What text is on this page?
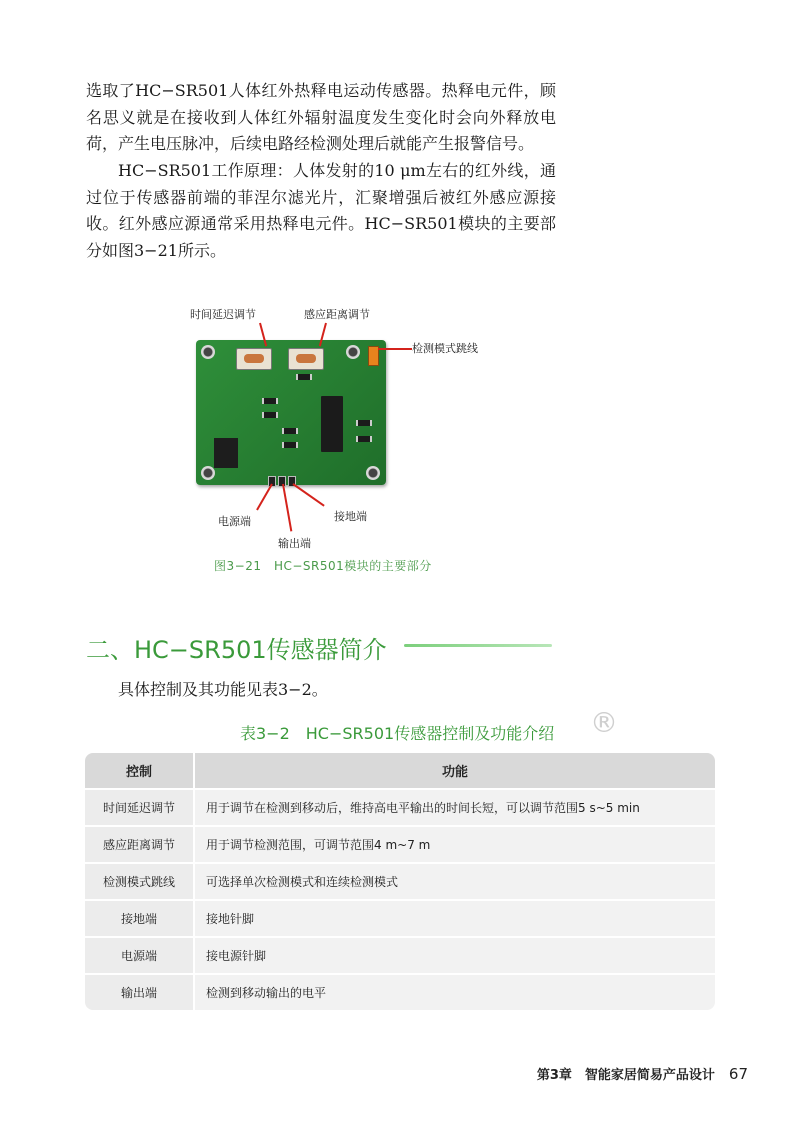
选取了HC−SR501人体红外热释电运动传感器。热释电元件，顾名思义就是在接收到人体红外辐射温度发生变化时会向外释放电荷，产生电压脉冲，后续电路经检测处理后就能产生报警信号。

HC−SR501工作原理：人体发射的10 μm左右的红外线，通过位于传感器前端的菲涅尔滤光片，汇聚增强后被红外感应源接收。红外感应源通常采用热释电元件。HC−SR501模块的主要部分如图3−21所示。

时间延迟调节	感应距离调节
检测模式跳线
电源端
输出端
接地端
图3−21　HC−SR501模块的主要部分
二、HC−SR501传感器简介

具体控制及其功能见表3−2。

表3−2　HC−SR501传感器控制及功能介绍 ®
控制	功能
时间延迟调节	用于调节在检测到移动后，维持高电平输出的时间长短，可以调节范围5 s~5 min
感应距离调节	用于调节检测范围，可调节范围4 m~7 m
检测模式跳线	可选择单次检测模式和连续检测模式
接地端	接地针脚
电源端	接电源针脚
输出端	检测到移动输出的电平
第3章　智能家居简易产品设计 67
